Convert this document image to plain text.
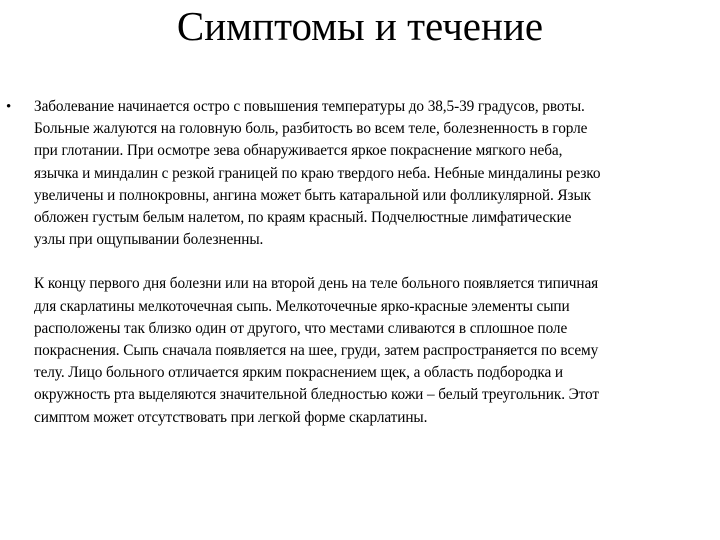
Симптомы и течение
• Заболевание начинается остро с повышения температуры до 38,5-39 градусов, рвоты.
Больные жалуются на головную боль, разбитость во всем теле, болезненность в горле
при глотании. При осмотре зева обнаруживается яркое покраснение мягкого неба,
язычка и миндалин с резкой границей по краю твердого неба. Небные миндалины резко
увеличены и полнокровны, ангина может быть катаральной или фолликулярной. Язык
обложен густым белым налетом, по краям красный. Подчелюстные лимфатические
узлы при ощупывании болезненны.

К концу первого дня болезни или на второй день на теле больного появляется типичная
для скарлатины мелкоточечная сыпь. Мелкоточечные ярко-красные элементы сыпи
расположены так близко один от другого, что местами сливаются в сплошное поле
покраснения. Сыпь сначала появляется на шее, груди, затем распространяется по всему
телу. Лицо больного отличается ярким покраснением щек, а область подбородка и
окружность рта выделяются значительной бледностью кожи – белый треугольник. Этот
симптом может отсутствовать при легкой форме скарлатины.
